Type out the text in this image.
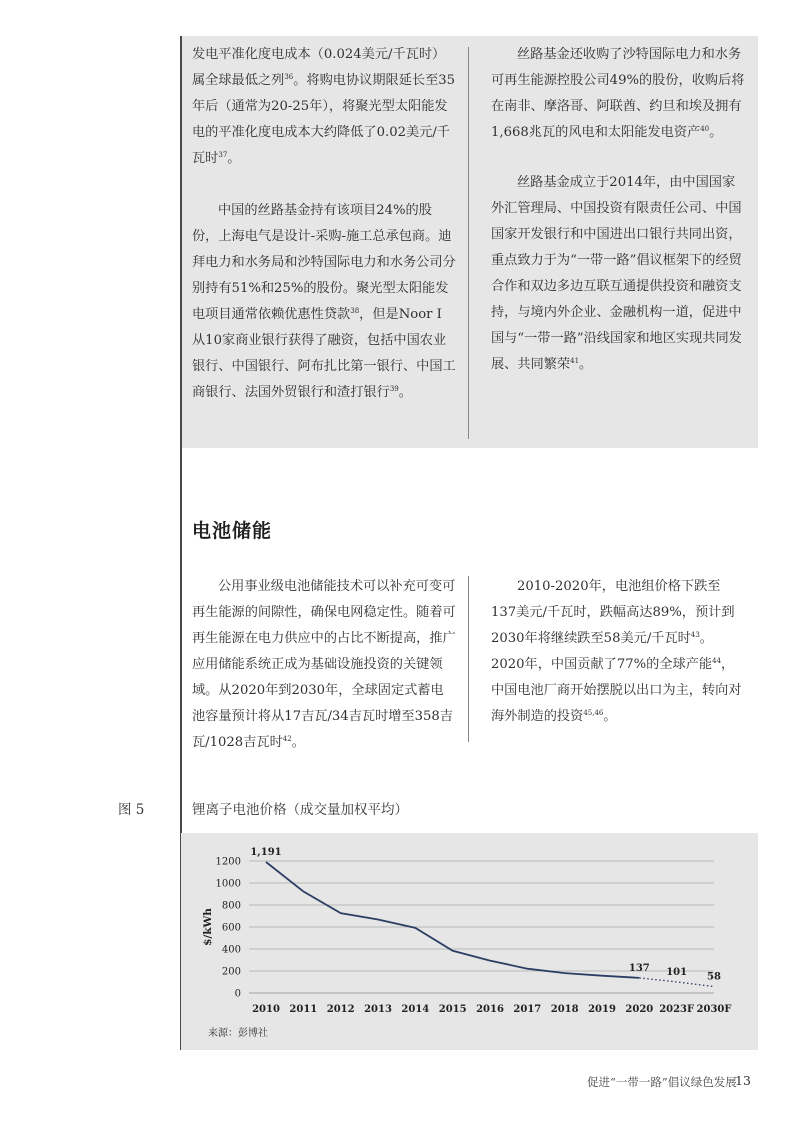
发电平准化度电成本（0.024美元/千瓦时）属全球最低之列$^{36}$。将购电协议期限延长至35年后（通常为20-25年），将聚光型太阳能发电的平准化度电成本大约降低了0.02美元/千瓦时$^{37}$。
中国的丝路基金持有该项目24%的股份，上海电气是设计-采购-施工总承包商。迪拜电力和水务局和沙特国际电力和水务公司分别持有51%和25%的股份。聚光型太阳能发电项目通常依赖优惠性贷款$^{38}$，但是Noor I 从10家商业银行获得了融资，包括中国农业银行、中国银行、阿布扎比第一银行、中国工商银行、法国外贸银行和渣打银行$^{39}$。
丝路基金还收购了沙特国际电力和水务可再生能源控股公司49%的股份，收购后将在南非、摩洛哥、阿联酋、约旦和埃及拥有1,668兆瓦的风电和太阳能发电资产$^{40}$。
丝路基金成立于2014年，由中国国家外汇管理局、中国投资有限责任公司、中国国家开发银行和中国进出口银行共同出资，重点致力于为“一带一路”倡议框架下的经贸合作和双边多边互联互通提供投资和融资支持，与境内外企业、金融机构一道，促进中国与“一带一路”沿线国家和地区实现共同发展、共同繁荣$^{41}$。
电池储能
公用事业级电池储能技术可以补充可变可再生能源的间隙性，确保电网稳定性。随着可再生能源在电力供应中的占比不断提高，推广应用储能系统正成为基础设施投资的关键领域。从2020年到2030年，全球固定式蓄电池容量预计将从17吉瓦/34吉瓦时增至358吉瓦/1028吉瓦时$^{42}$。
2010-2020年，电池组价格下跌至137美元/千瓦时，跌幅高达89%，预计到2030年将继续跌至58美元/千瓦时$^{43}$。2020年，中国贡献了77%的全球产能$^{44}$，中国电池厂商开始摆脱以出口为主，转向对海外制造的投资$^{45,46}$。
图 5	锂离子电池价格（成交量加权平均）
0
200
400
600
800
1000
1200
$/kWh
2010 2011 2012 2013 2014 2015 2016 2017 2018 2019 2020 2023F 2030F
1,191
137 101 58
来源：彭博社
促进“一带一路”倡议绿色发展
13
